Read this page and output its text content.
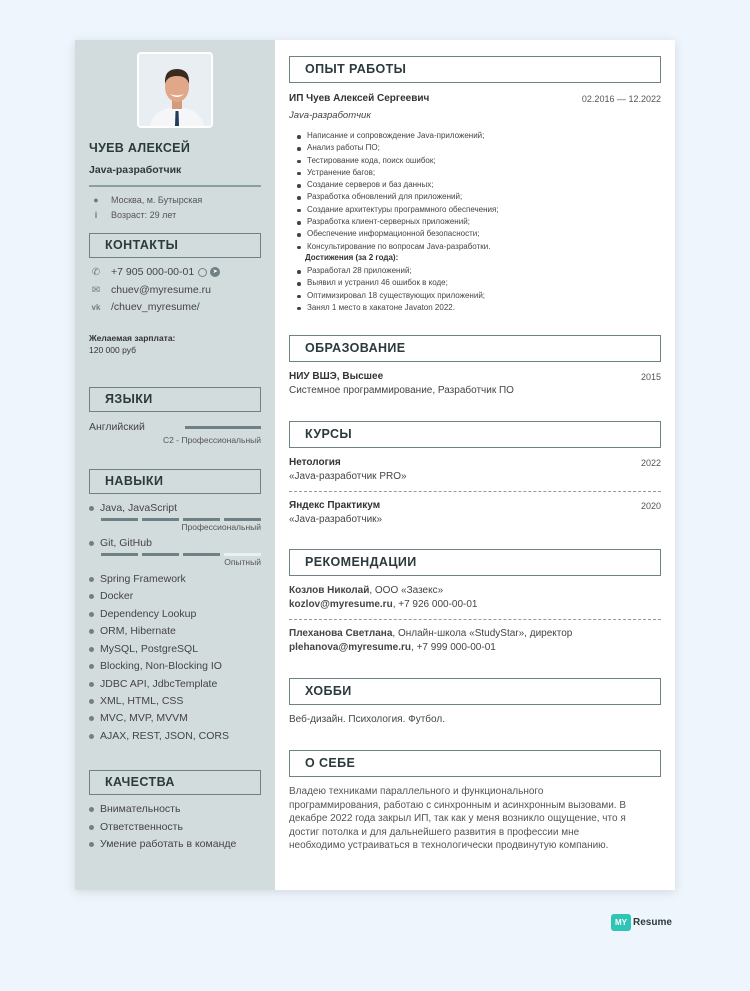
ЧУЕВ АЛЕКСЕЙ
Java-разработчик
●	Москва, м. Бутырская
i	Возраст: 29 лет
КОНТАКТЫ
✆ +7 905 000-00-01	➤
✉ chuev@myresume.ru
vk /chuev_myresume/
Желаемая зарплата:
120 000 руб
ЯЗЫКИ
Английский
C2 - Профессиональный
НАВЫКИ
Java, JavaScript
Профессиональный
Git, GitHub
Опытный
Spring Framework
Docker
Dependency Lookup
ORM, Hibernate
MySQL, PostgreSQL
Blocking, Non-Blocking IO
JDBC API, JdbcTemplate
XML, HTML, CSS
MVC, MVP, MVVM
AJAX, REST, JSON, CORS
КАЧЕСТВА
Внимательность
Ответственность
Умение работать в команде
ОПЫТ РАБОТЫ
ИП Чуев Алексей Сергеевич	02.2016 — 12.2022
Java-разработчик
Написание и сопровождение Java-приложений;
Анализ работы ПО;
Тестирование кода, поиск ошибок;
Устранение багов;
Создание серверов и баз данных;
Разработка обновлений для приложений;
Создание архитектуры программного обеспечения;
Разработка клиент-серверных приложений;
Обеспечение информационной безопасности;
Консультирование по вопросам Java-разработки.
Достижения (за 2 года):
Разработал 28 приложений;
Выявил и устранил 46 ошибок в коде;
Оптимизировал 18 существующих приложений;
Занял 1 место в хакатоне Javaton 2022.
ОБРАЗОВАНИЕ
НИУ ВШЭ, Высшее	2015
Системное программирование, Разработчик ПО
КУРСЫ
Нетология	2022
«Java-разработчик PRO»
Яндекс Практикум	2020
«Java-разработчик»
РЕКОМЕНДАЦИИ
Козлов Николай, ООО «Зазекс»
kozlov@myresume.ru, +7 926 000-00-01
Плеханова Светлана, Онлайн-школа «StudyStar», директор
plehanova@myresume.ru, +7 999 000-00-01
ХОББИ
Веб-дизайн. Психология. Футбол.
О СЕБЕ
Владею техниками параллельного и функционального
программирования, работаю с синхронным и асинхронным вызовами. В
декабре 2022 года закрыл ИП, так как у меня возникло ощущение, что я
достиг потолка и для дальнейшего развития в профессии мне
необходимо устраиваться в технологически продвинутую компанию.
MY Resume
